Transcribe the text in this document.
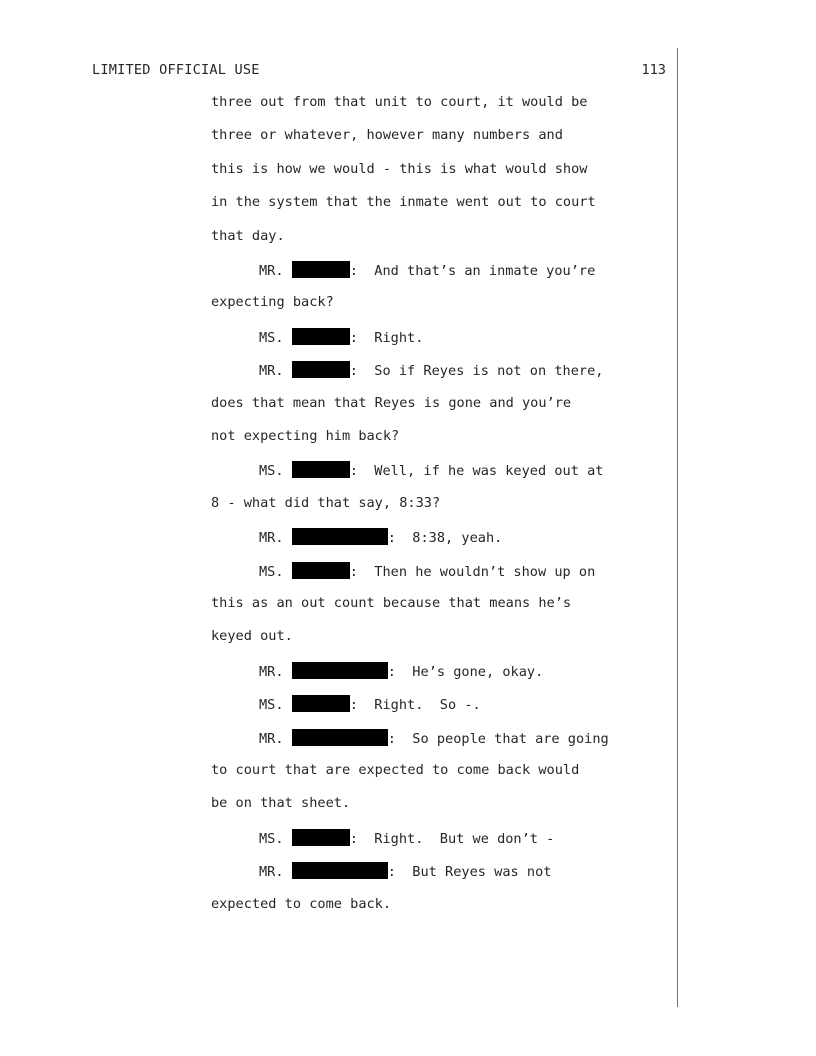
LIMITED OFFICIAL USE	113
three out from that unit to court, it would be
three or whatever, however many numbers and
this is how we would - this is what would show
in the system that the inmate went out to court
that day.
MR.	:  And that’s an inmate you’re
expecting back?
MS.	:  Right.
MR.	:  So if Reyes is not on there,
does that mean that Reyes is gone and you’re
not expecting him back?
MS.	:  Well, if he was keyed out at
8 - what did that say, 8:33?
MR.	:  8:38, yeah.
MS.	:  Then he wouldn’t show up on
this as an out count because that means he’s
keyed out.
MR.	:  He’s gone, okay.
MS.	:  Right.  So -.
MR.	:  So people that are going
to court that are expected to come back would
be on that sheet.
MS.	:  Right.  But we don’t -
MR.	:  But Reyes was not
expected to come back.
